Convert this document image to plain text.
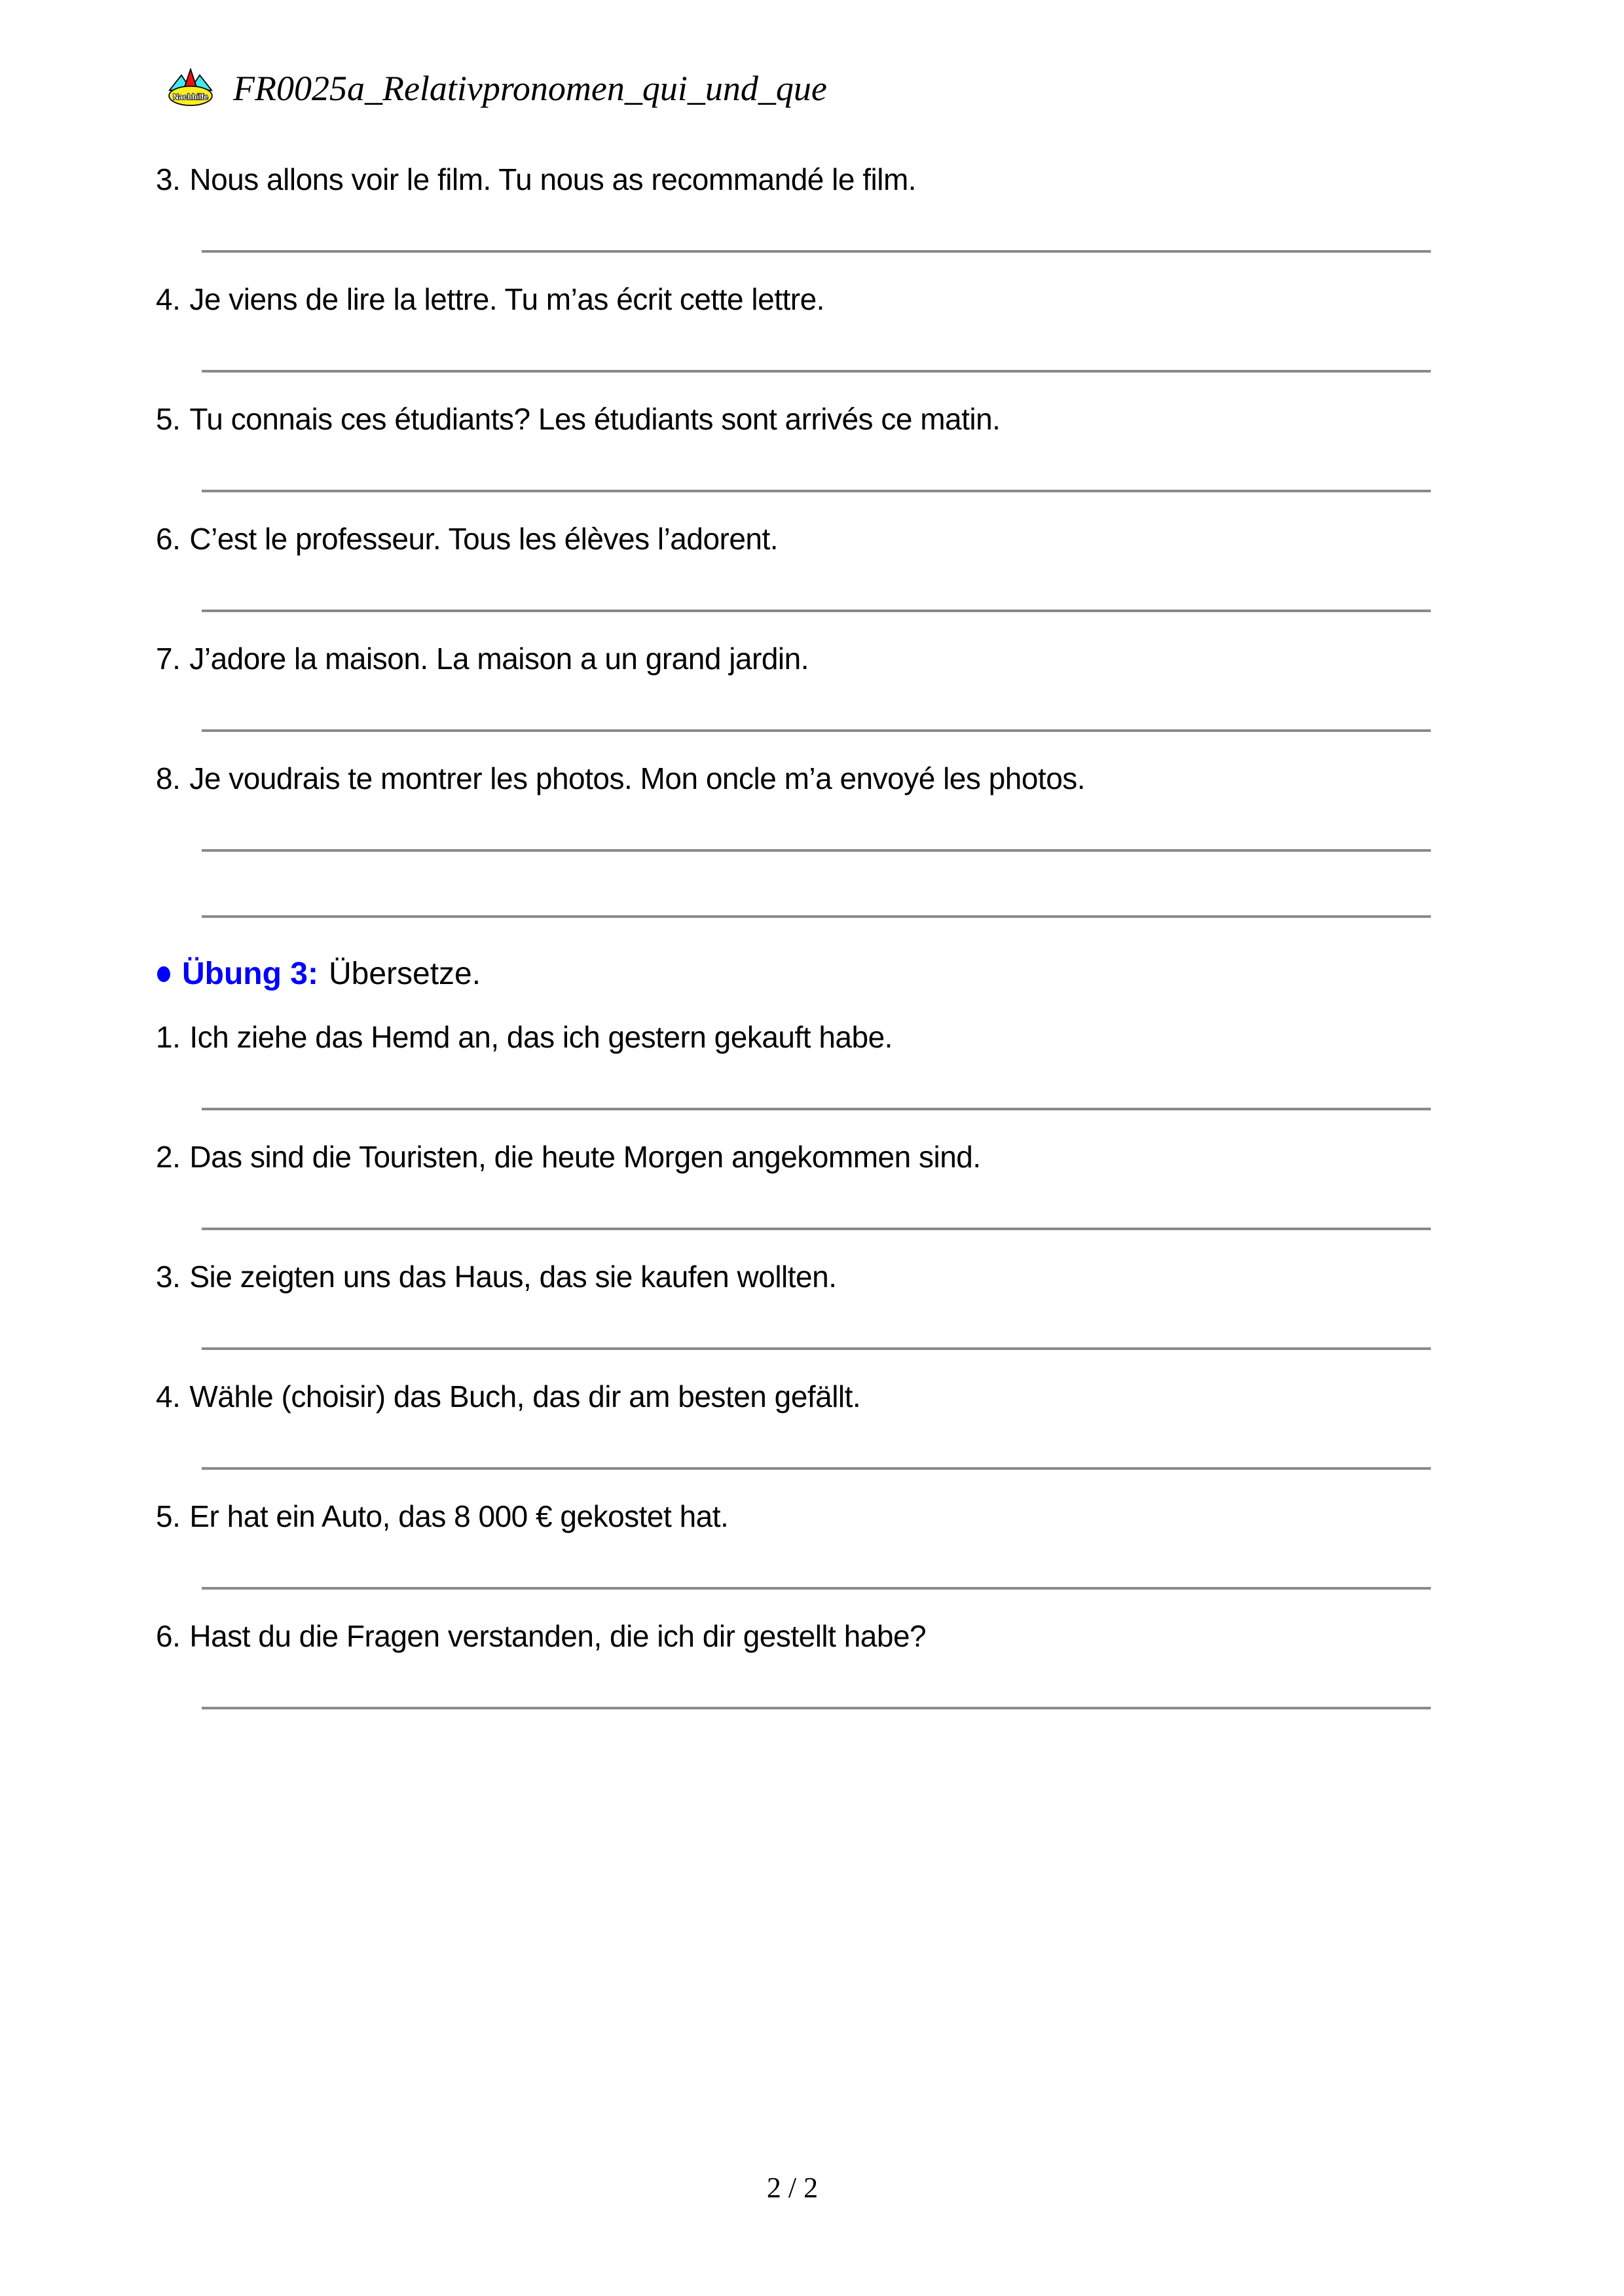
Nachhilfe FR0025a_Relativpronomen_qui_und_que
3. Nous allons voir le film. Tu nous as recommandé le film.
4. Je viens de lire la lettre. Tu m’as écrit cette lettre.
5. Tu connais ces étudiants? Les étudiants sont arrivés ce matin.
6. C’est le professeur. Tous les élèves l’adorent.
7. J’adore la maison. La maison a un grand jardin.
8. Je voudrais te montrer les photos. Mon oncle m’a envoyé les photos.
Übung 3: Übersetze.
1. Ich ziehe das Hemd an, das ich gestern gekauft habe.
2. Das sind die Touristen, die heute Morgen angekommen sind.
3. Sie zeigten uns das Haus, das sie kaufen wollten.
4. Wähle (choisir) das Buch, das dir am besten gefällt.
5. Er hat ein Auto, das 8 000 € gekostet hat.
6. Hast du die Fragen verstanden, die ich dir gestellt habe?
2 / 2
